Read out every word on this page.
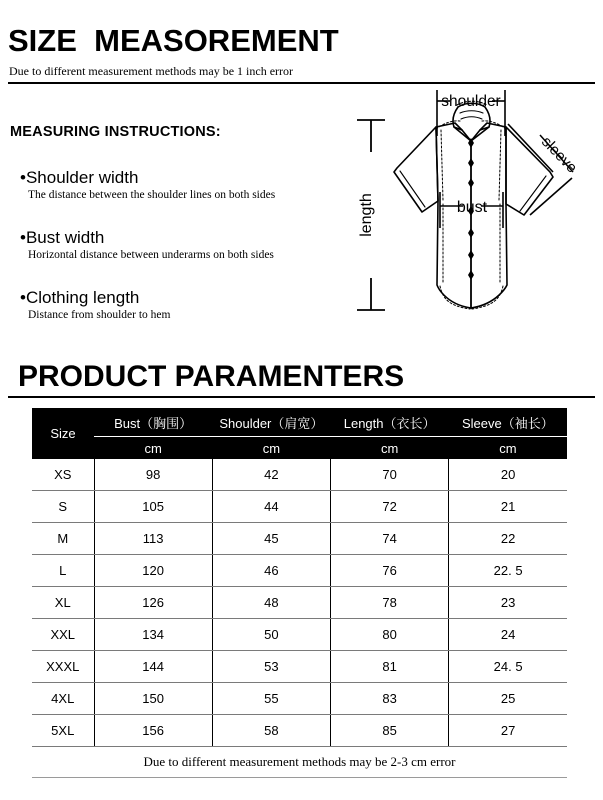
SIZE  MEASOREMENT
Due to different measurement methods may be 1 inch error
MEASURING INSTRUCTIONS:
•Shoulder width
The distance between the shoulder lines on both sides
•Bust width
Horizontal distance between underarms on both sides
•Clothing length
Distance from shoulder to hem
shoulder
sleeve
bust
length
PRODUCT PARAMENTERS
Size	Bust（胸围）	Shoulder（肩宽）	Length（衣长）	Sleeve（袖长）
	cm	cm	cm	cm
XS	98	42	70	20
S	105	44	72	21
M	113	45	74	22
L	120	46	76	22. 5
XL	126	48	78	23
XXL	134	50	80	24
XXXL	144	53	81	24. 5
4XL	150	55	83	25
5XL	156	58	85	27
Due to different measurement methods may be 2-3 cm error				
